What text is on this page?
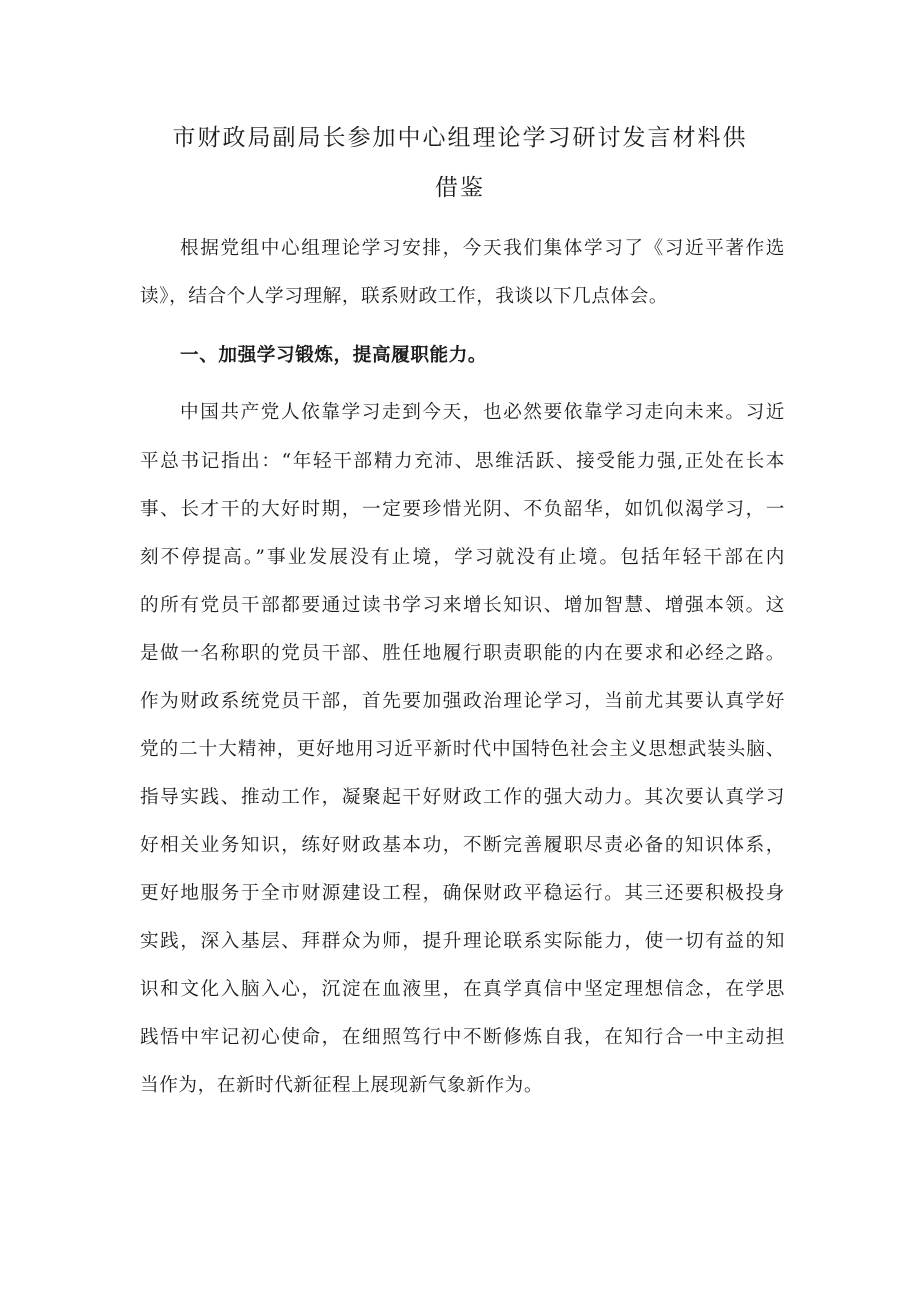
市财政局副局长参加中心组理论学习研讨发言材料供
借鉴
根据党组中心组理论学习安排，今天我们集体学习了《习近平著作选
读》，结合个人学习理解，联系财政工作，我谈以下几点体会。
一、加强学习锻炼，提高履职能力。
中国共产党人依靠学习走到今天，也必然要依靠学习走向未来。习近
平总书记指出：“年轻干部精力充沛、思维活跃、接受能力强,正处在长本
事、长才干的大好时期，一定要珍惜光阴、不负韶华，如饥似渴学习，一
刻不停提高。”事业发展没有止境，学习就没有止境。包括年轻干部在内
的所有党员干部都要通过读书学习来增长知识、增加智慧、增强本领。这
是做一名称职的党员干部、胜任地履行职责职能的内在要求和必经之路。
作为财政系统党员干部，首先要加强政治理论学习，当前尤其要认真学好
党的二十大精神，更好地用习近平新时代中国特色社会主义思想武装头脑、
指导实践、推动工作，凝聚起干好财政工作的强大动力。其次要认真学习
好相关业务知识，练好财政基本功，不断完善履职尽责必备的知识体系，
更好地服务于全市财源建设工程，确保财政平稳运行。其三还要积极投身
实践，深入基层、拜群众为师，提升理论联系实际能力，使一切有益的知
识和文化入脑入心，沉淀在血液里，在真学真信中坚定理想信念，在学思
践悟中牢记初心使命，在细照笃行中不断修炼自我，在知行合一中主动担
当作为，在新时代新征程上展现新气象新作为。
